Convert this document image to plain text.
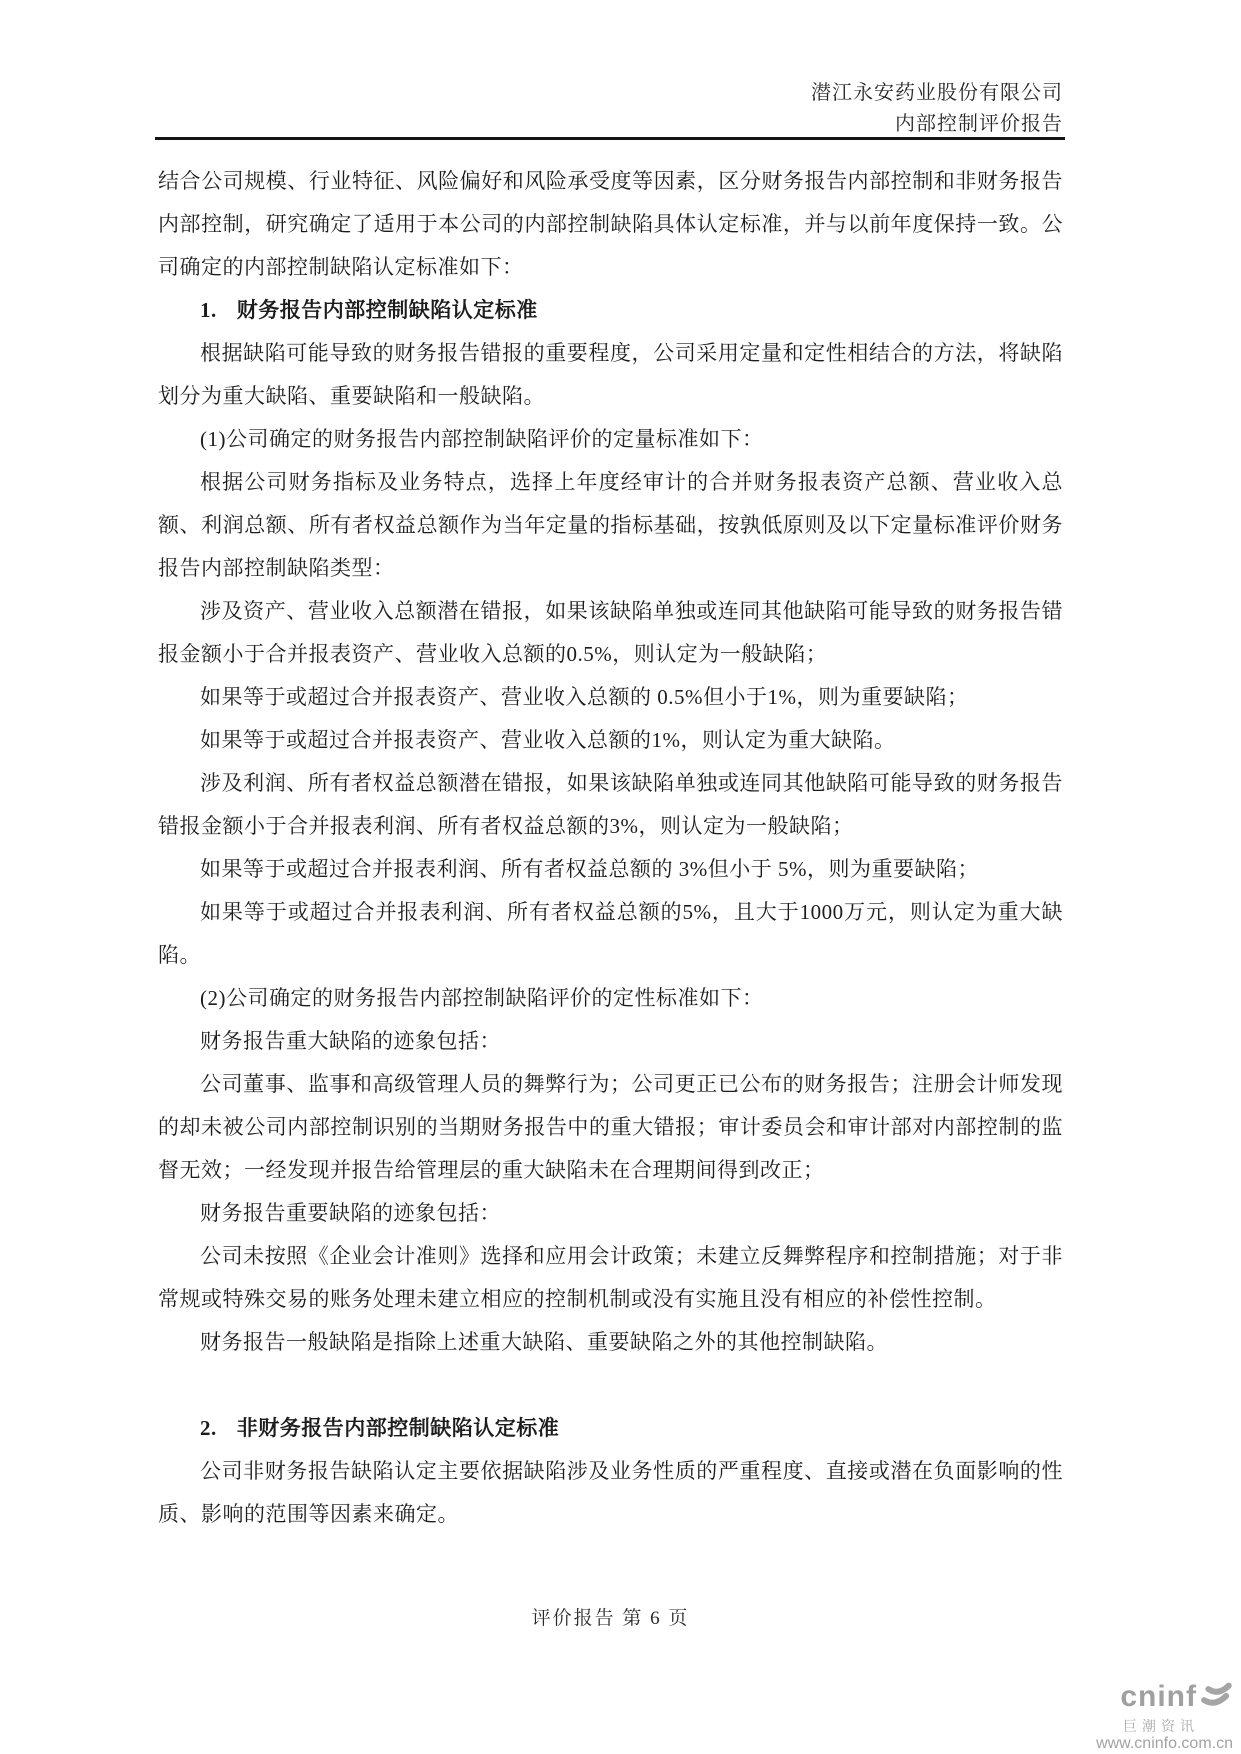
潜江永安药业股份有限公司
内部控制评价报告

结合公司规模、行业特征、风险偏好和风险承受度等因素，区分财务报告内部控制和非财务报告内部控制，研究确定了适用于本公司的内部控制缺陷具体认定标准，并与以前年度保持一致。公司确定的内部控制缺陷认定标准如下：

1. 财务报告内部控制缺陷认定标准

根据缺陷可能导致的财务报告错报的重要程度，公司采用定量和定性相结合的方法，将缺陷划分为重大缺陷、重要缺陷和一般缺陷。

(1)公司确定的财务报告内部控制缺陷评价的定量标准如下：

根据公司财务指标及业务特点，选择上年度经审计的合并财务报表资产总额、营业收入总额、利润总额、所有者权益总额作为当年定量的指标基础，按孰低原则及以下定量标准评价财务报告内部控制缺陷类型：

涉及资产、营业收入总额潜在错报，如果该缺陷单独或连同其他缺陷可能导致的财务报告错报金额小于合并报表资产、营业收入总额的0.5%，则认定为一般缺陷；

如果等于或超过合并报表资产、营业收入总额的 0.5%但小于1%，则为重要缺陷；

如果等于或超过合并报表资产、营业收入总额的1%，则认定为重大缺陷。

涉及利润、所有者权益总额潜在错报，如果该缺陷单独或连同其他缺陷可能导致的财务报告错报金额小于合并报表利润、所有者权益总额的3%，则认定为一般缺陷；

如果等于或超过合并报表利润、所有者权益总额的 3%但小于 5%，则为重要缺陷；

如果等于或超过合并报表利润、所有者权益总额的5%，且大于1000万元，则认定为重大缺陷。

(2)公司确定的财务报告内部控制缺陷评价的定性标准如下：

财务报告重大缺陷的迹象包括：

公司董事、监事和高级管理人员的舞弊行为；公司更正已公布的财务报告；注册会计师发现的却未被公司内部控制识别的当期财务报告中的重大错报；审计委员会和审计部对内部控制的监督无效；一经发现并报告给管理层的重大缺陷未在合理期间得到改正；

财务报告重要缺陷的迹象包括：

公司未按照《企业会计准则》选择和应用会计政策；未建立反舞弊程序和控制措施；对于非常规或特殊交易的账务处理未建立相应的控制机制或没有实施且没有相应的补偿性控制。

财务报告一般缺陷是指除上述重大缺陷、重要缺陷之外的其他控制缺陷。

2. 非财务报告内部控制缺陷认定标准

公司非财务报告缺陷认定主要依据缺陷涉及业务性质的严重程度、直接或潜在负面影响的性质、影响的范围等因素来确定。

评价报告 第 6 页
cninf
巨潮资讯
www.cninfo.com.cn
